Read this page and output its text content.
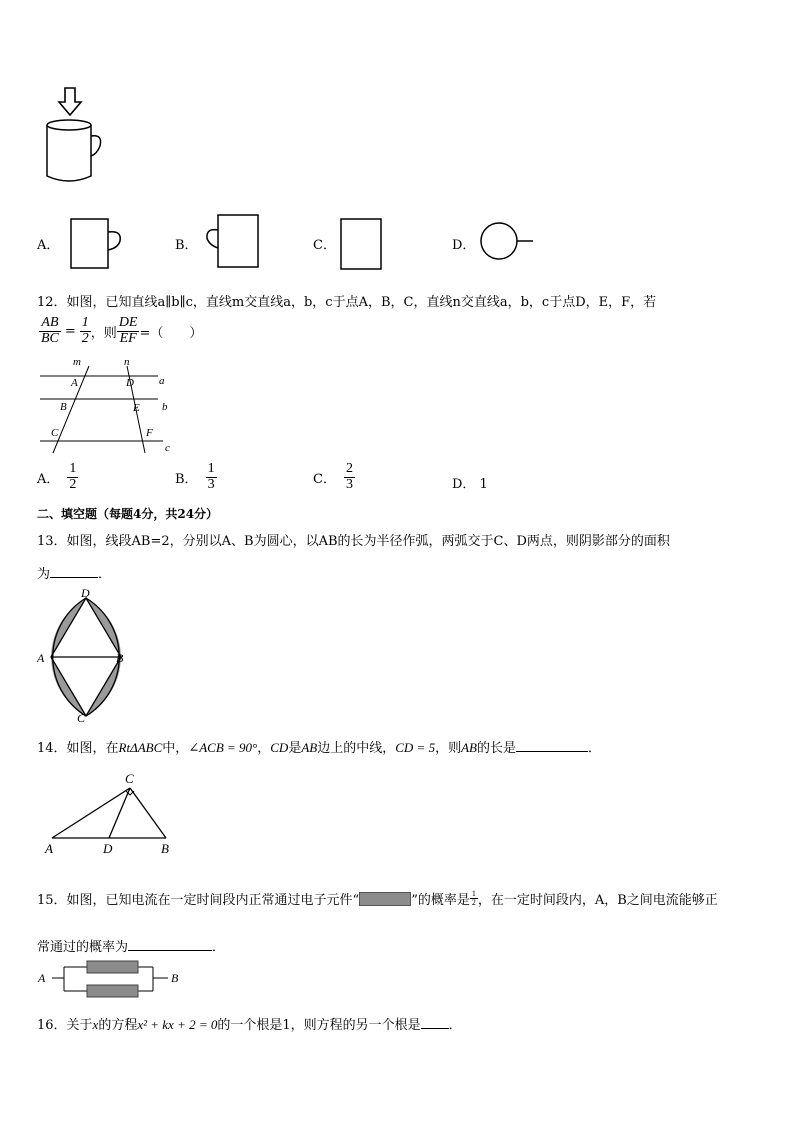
A．	B．	C．	D．
12．如图，已知直线a∥b∥c，直线m交直线a，b，c于点A，B，C，直线n交直线a，b，c于点D，E，F，若
$\frac{AB}{BC} = \frac{1}{2}$ ，则 $\frac{DE}{EF}$ =（　　）
m	n
a
b
c
A	D
B	E
C	F
A． $\frac{1}{2}$	B． $\frac{1}{3}$	C． $\frac{2}{3}$	D． 1
二、填空题（每题4分，共24分）
13．如图，线段AB=2，分别以A、B为圆心，以AB的长为半径作弧，两弧交于C、D两点，则阴影部分的面积
为	．
D
A	B
C
14．如图，在RtΔABC中，∠ACB = 90°，CD是AB边上的中线，CD = 5，则AB的长是	．
C
A	D	B
15．如图，已知电流在一定时间段内正常通过电子元件“	”的概率是 $\frac{1}{2}$ ，在一定时间段内，A，B之间电流能够正
常通过的概率为	．
A	B
16．关于x的方程x² + kx + 2 = 0的一个根是1，则方程的另一个根是 ．
